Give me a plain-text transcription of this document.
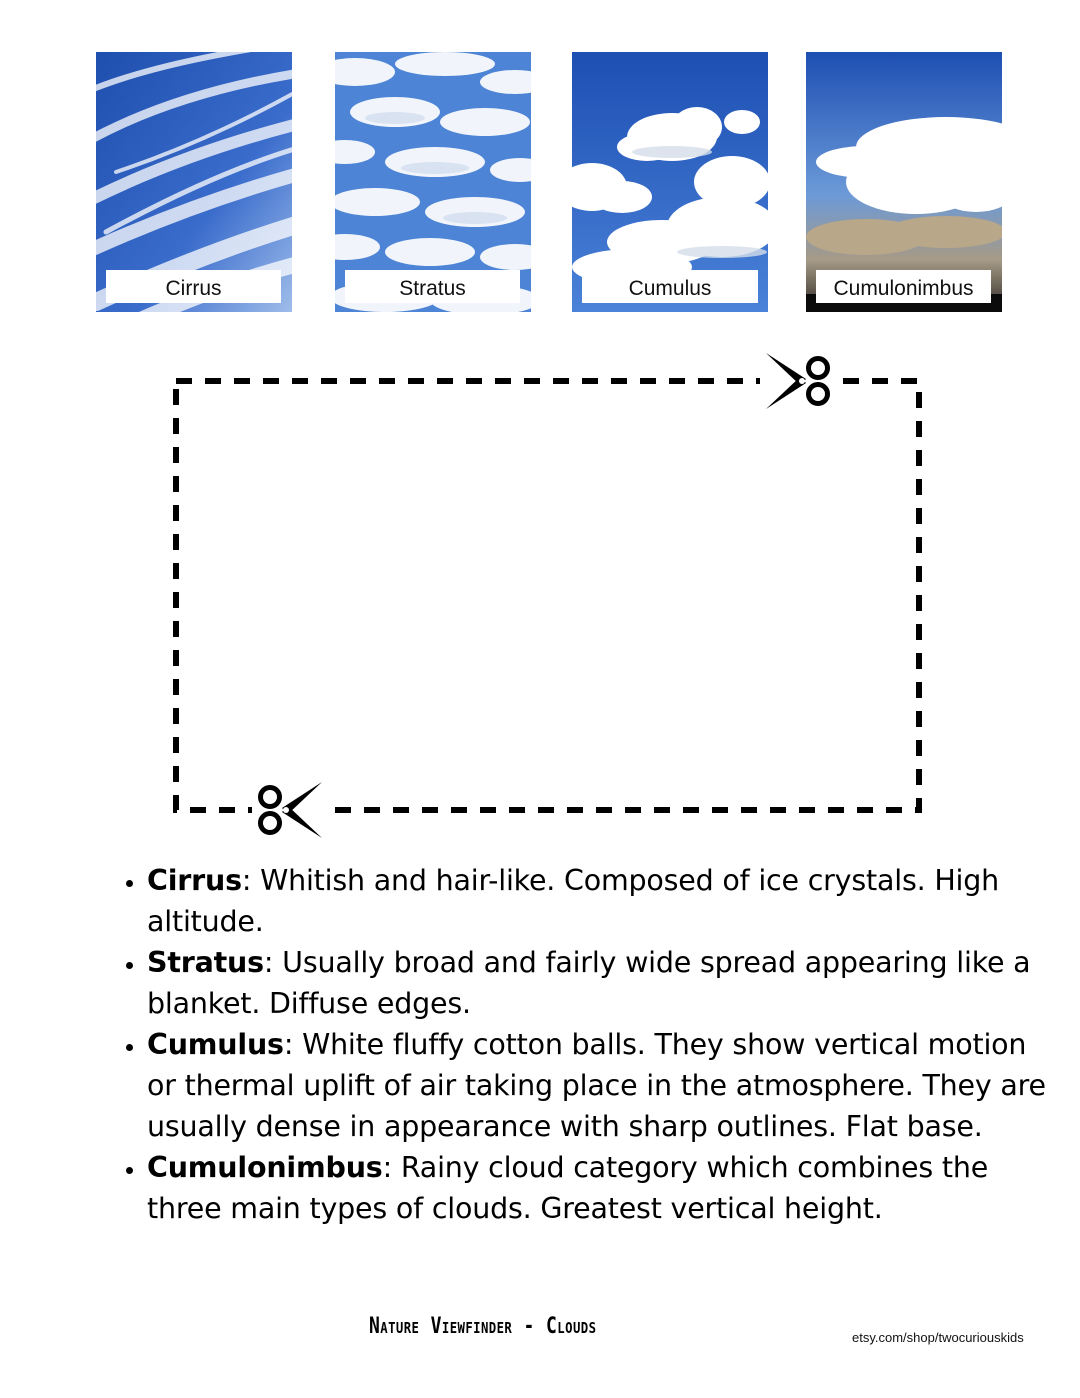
Cirrus	Stratus	Cumulus	Cumulonimbus
• Cirrus: Whitish and hair-like. Composed of ice crystals. High altitude.
• Stratus: Usually broad and fairly wide spread appearing like a blanket. Diffuse edges.
• Cumulus: White fluffy cotton balls. They show vertical motion or thermal uplift of air taking place in the atmosphere. They are usually dense in appearance with sharp outlines. Flat base.
• Cumulonimbus: Rainy cloud category which combines the three main types of clouds. Greatest vertical height.
Nature Viewfinder - Clouds	etsy.com/shop/twocuriouskids
